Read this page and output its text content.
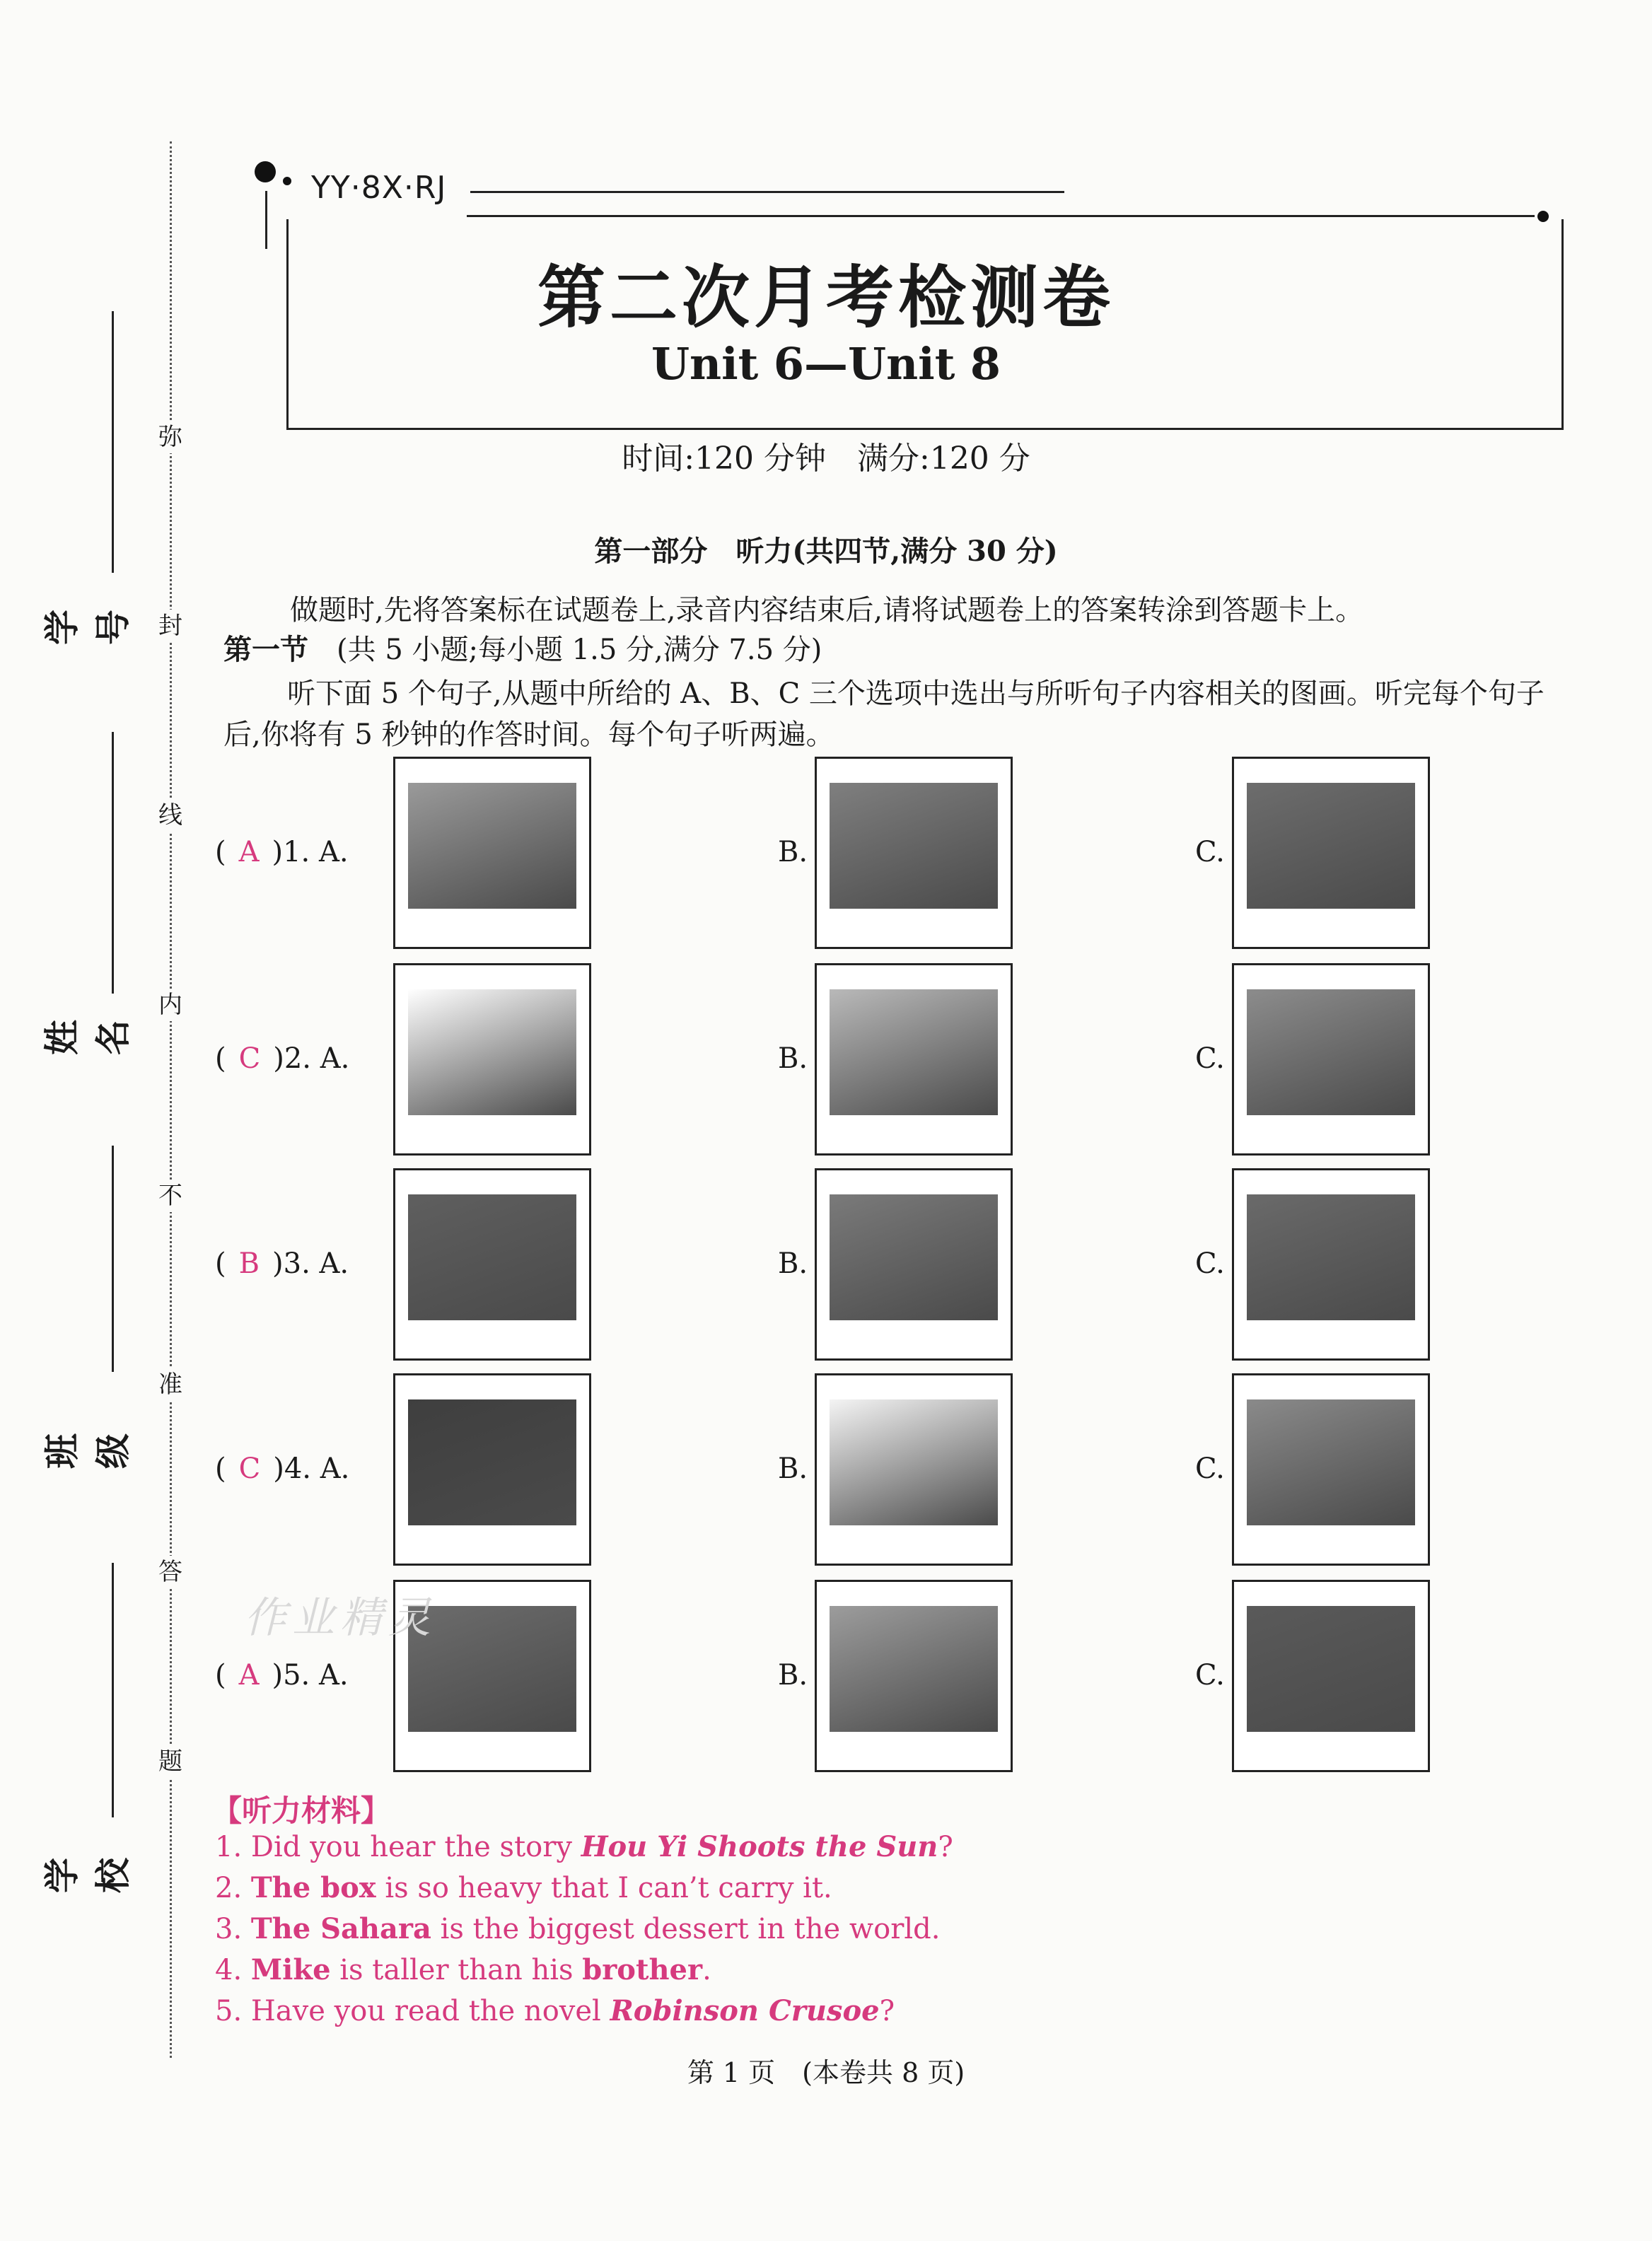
弥
封
线
内
不
准
答
题
学号
姓名
班级
学校
YY·8X·RJ
第二次月考检测卷
Unit 6—Unit 8
时间:120 分钟　满分:120 分
第一部分　听力(共四节,满分 30 分)
做题时,先将答案标在试题卷上,录音内容结束后,请将试题卷上的答案转涂到答题卡上。
第一节 (共 5 小题;每小题 1.5 分,满分 7.5 分)
听下面 5 个句子,从题中所给的 A、B、C 三个选项中选出与所听句子内容相关的图画。听完每个句子后,你将有 5 秒钟的作答时间。每个句子听两遍。
( A )1. A.	B.	C.
( C )2. A.	B.	C.
( B )3. A.	B.	C.
( C )4. A.	B.	C.
( A )5. A.	B.	C.
【听力材料】
1. Did you hear the story Hou Yi Shoots the Sun?
2. The box is so heavy that I can’t carry it.
3. The Sahara is the biggest dessert in the world.
4. Mike is taller than his brother.
5. Have you read the novel Robinson Crusoe?
作业精灵
第 1 页　(本卷共 8 页)
